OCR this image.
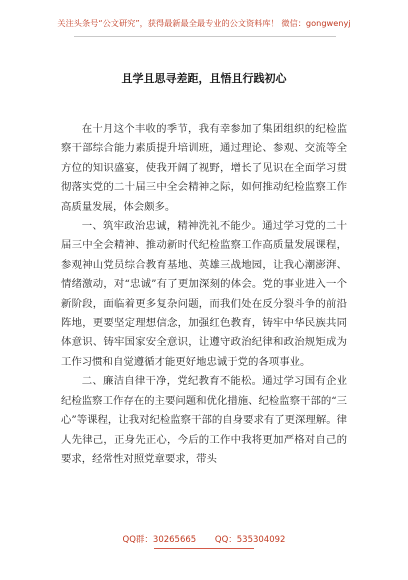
关注头条号“公文研究”，获得最新最全最专业的公文资料库！ 微信：gongwenyj
且学且思寻差距，且悟且行践初心

在十月这个丰收的季节，我有幸参加了集团组织的纪检监察干部综合能力素质提升培训班，通过理论、参观、交流等全方位的知识盛宴，使我开阔了视野，增长了见识在全面学习贯彻落实党的二十届三中全会精神之际，如何推动纪检监察工作高质量发展，体会颇多。

一、筑牢政治忠诚，精神洗礼不能少。通过学习党的二十届三中全会精神、推动新时代纪检监察工作高质量发展课程，参观神山党员综合教育基地、英雄三战地园，让我心潮澎湃、情绪激动，对“忠诚”有了更加深刻的体会。党的事业进入一个新阶段，面临着更多复杂问题，而我们处在反分裂斗争的前沿阵地，更要坚定理想信念，加强红色教育，铸牢中华民族共同体意识、铸牢国家安全意识，让遵守政治纪律和政治规矩成为工作习惯和自觉遵循才能更好地忠诚于党的各项事业。

二、廉洁自律干净，党纪教育不能松。通过学习国有企业纪检监察工作存在的主要问题和优化措施、纪检监察干部的“三心”等课程，让我对纪检监察干部的自身要求有了更深理解。律人先律己，正身先正心，今后的工作中我将更加严格对自己的要求，经常性对照党章要求，带头

QQ群：30265665 QQ：535304092
